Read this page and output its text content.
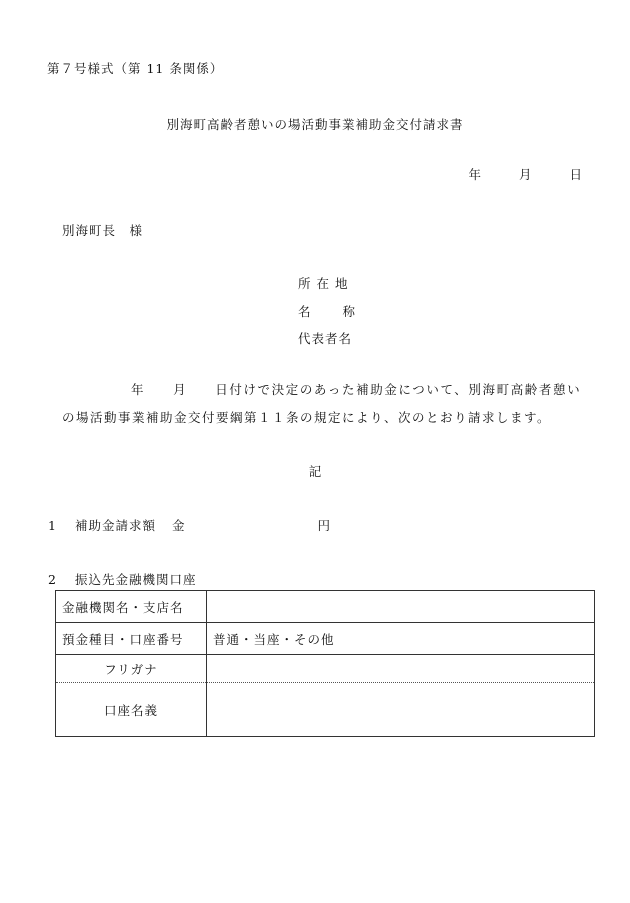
第７号様式（第 11 条関係）
別海町高齢者憩いの場活動事業補助金交付請求書
年	月	日
別海町長　様
所 在 地
名 称
代表者名
年 月 日付けで決定のあった補助金について、別海町高齢者憩い
の場活動事業補助金交付要綱第１１条の規定により、次のとおり請求します。
記
1 補助金請求額 金	円
2 振込先金融機関口座
金融機関名・支店名	
預金種目・口座番号	普通・当座・その他
フリガナ	
口座名義	
